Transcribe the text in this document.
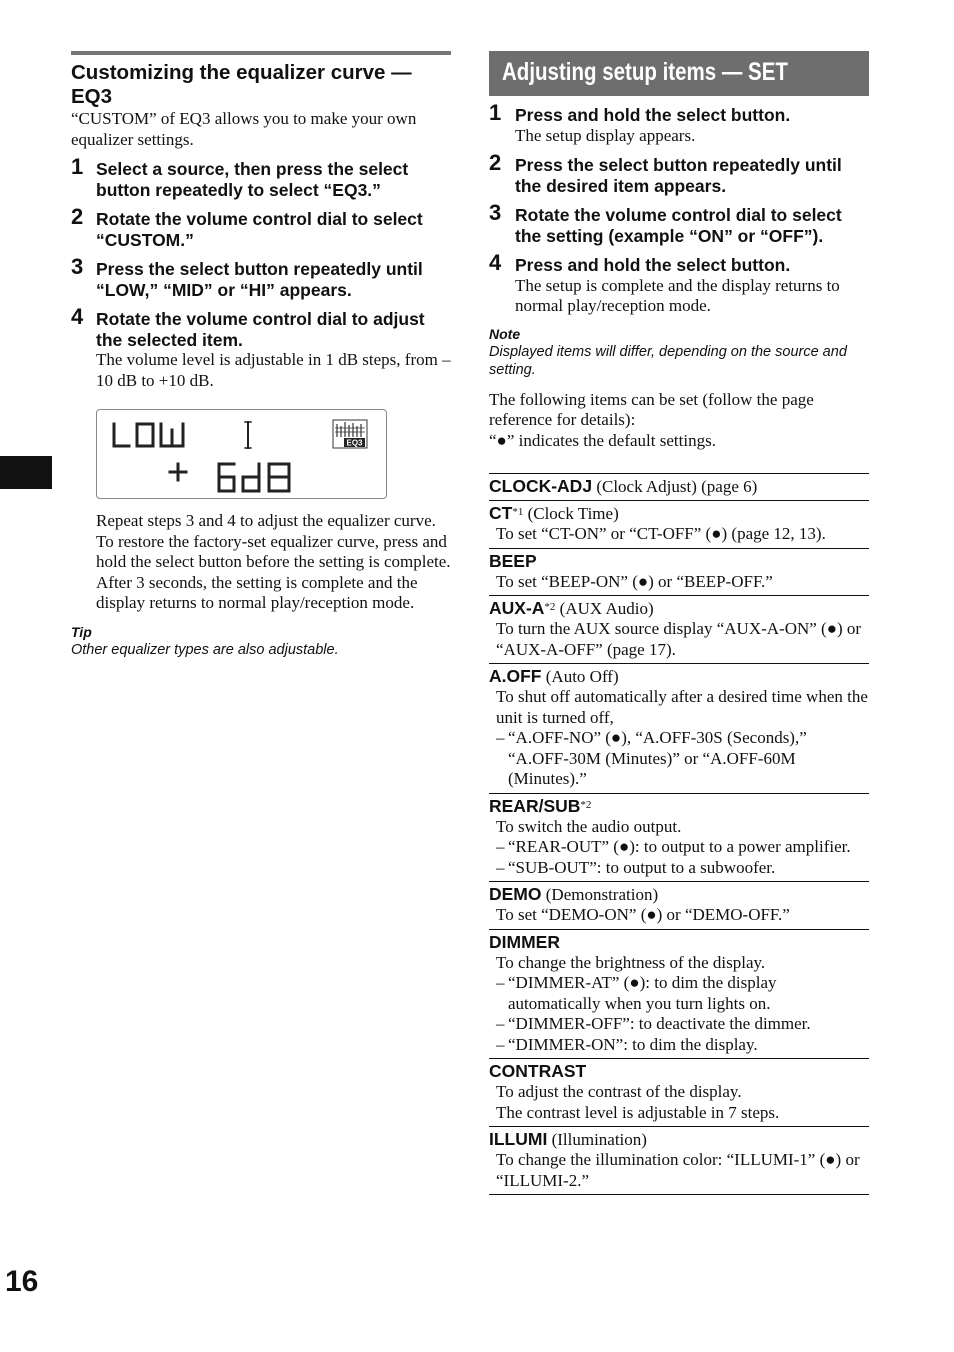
Customizing the equalizer curve — EQ3
“CUSTOM” of EQ3 allows you to make your own equalizer settings.
1 Select a source, then press the select button repeatedly to select “EQ3.”
2 Rotate the volume control dial to select “CUSTOM.”
3 Press the select button repeatedly until “LOW,” “MID” or “HI” appears.
4 Rotate the volume control dial to adjust the selected item.
The volume level is adjustable in 1 dB steps, from –10 dB to +10 dB.
EQ3
Repeat steps 3 and 4 to adjust the equalizer curve.
To restore the factory-set equalizer curve, press and hold the select button before the setting is complete.
After 3 seconds, the setting is complete and the display returns to normal play/reception mode.
Tip
Other equalizer types are also adjustable.
Adjusting setup items — SET
1 Press and hold the select button.
The setup display appears.
2 Press the select button repeatedly until the desired item appears.
3 Rotate the volume control dial to select the setting (example “ON” or “OFF”).
4 Press and hold the select button.
The setup is complete and the display returns to normal play/reception mode.
Note
Displayed items will differ, depending on the source and setting.
The following items can be set (follow the page reference for details):
“●” indicates the default settings.
CLOCK-ADJ (Clock Adjust) (page 6)
CT$^{*1}$ (Clock Time)
To set “CT-ON” or “CT-OFF” (●) (page 12, 13).
BEEP
To set “BEEP-ON” (●) or “BEEP-OFF.”
AUX-$A^{*2}$ (AUX Audio)
To turn the AUX source display “AUX-A-ON” (●) or “AUX-A-OFF” (page 17).
A.OFF (Auto Off)
To shut off automatically after a desired time when the unit is turned off,
– “A.OFF-NO” (●), “A.OFF-30S (Seconds),” “A.OFF-30M (Minutes)” or “A.OFF-60M (Minutes).”
REAR/SUB$^{*2}$
To switch the audio output.
– “REAR-OUT” (●): to output to a power amplifier.
– “SUB-OUT”: to output to a subwoofer.
DEMO (Demonstration)
To set “DEMO-ON” (●) or “DEMO-OFF.”
DIMMER
To change the brightness of the display.
– “DIMMER-AT” (●): to dim the display automatically when you turn lights on.
– “DIMMER-OFF”: to deactivate the dimmer.
– “DIMMER-ON”: to dim the display.
CONTRAST
To adjust the contrast of the display.
The contrast level is adjustable in 7 steps.
ILLUMI (Illumination)
To change the illumination color: “ILLUMI-1” (●) or “ILLUMI-2.”
16
